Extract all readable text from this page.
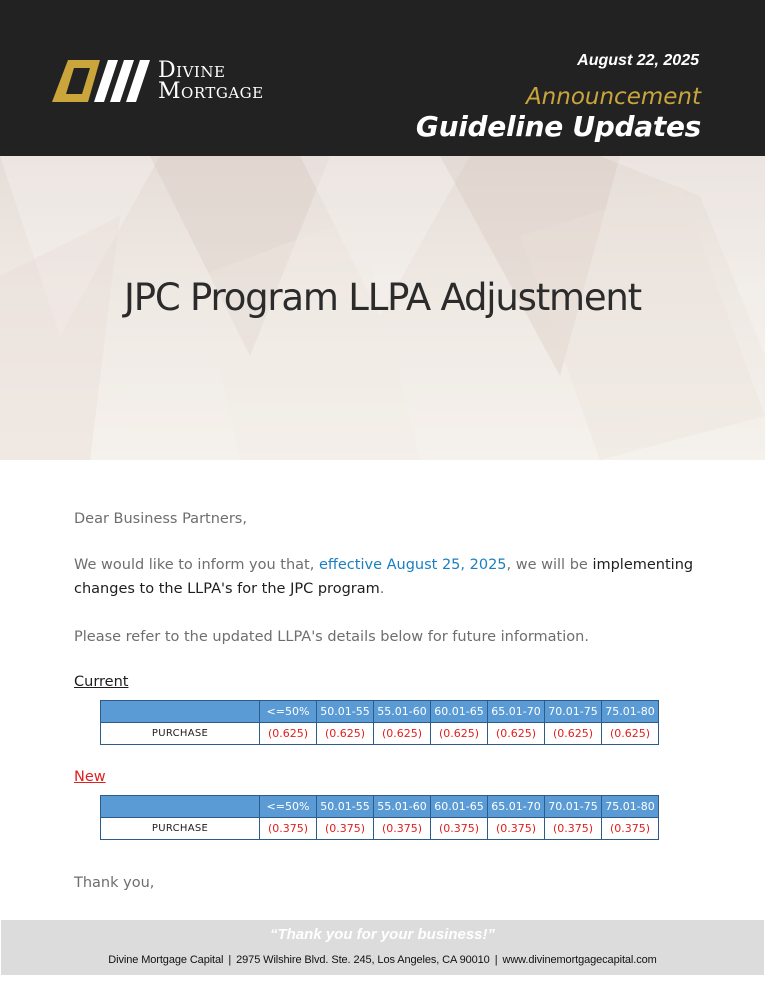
Divine
Mortgage
August 22, 2025
Announcement
Guideline Updates
JPC Program LLPA Adjustment
Dear Business Partners,
We would like to inform you that, effective August 25, 2025, we will be implementing changes to the LLPA's for the JPC program.
Please refer to the updated LLPA's details below for future information.
Current
	<=50%	50.01-55	55.01-60	60.01-65	65.01-70	70.01-75	75.01-80
PURCHASE	(0.625)	(0.625)	(0.625)	(0.625)	(0.625)	(0.625)	(0.625)
New
	<=50%	50.01-55	55.01-60	60.01-65	65.01-70	70.01-75	75.01-80
PURCHASE	(0.375)	(0.375)	(0.375)	(0.375)	(0.375)	(0.375)	(0.375)
Thank you,
“Thank you for your business!”
Divine Mortgage Capital | 2975 Wilshire Blvd. Ste. 245, Los Angeles, CA 90010 | www.divinemortgagecapital.com
